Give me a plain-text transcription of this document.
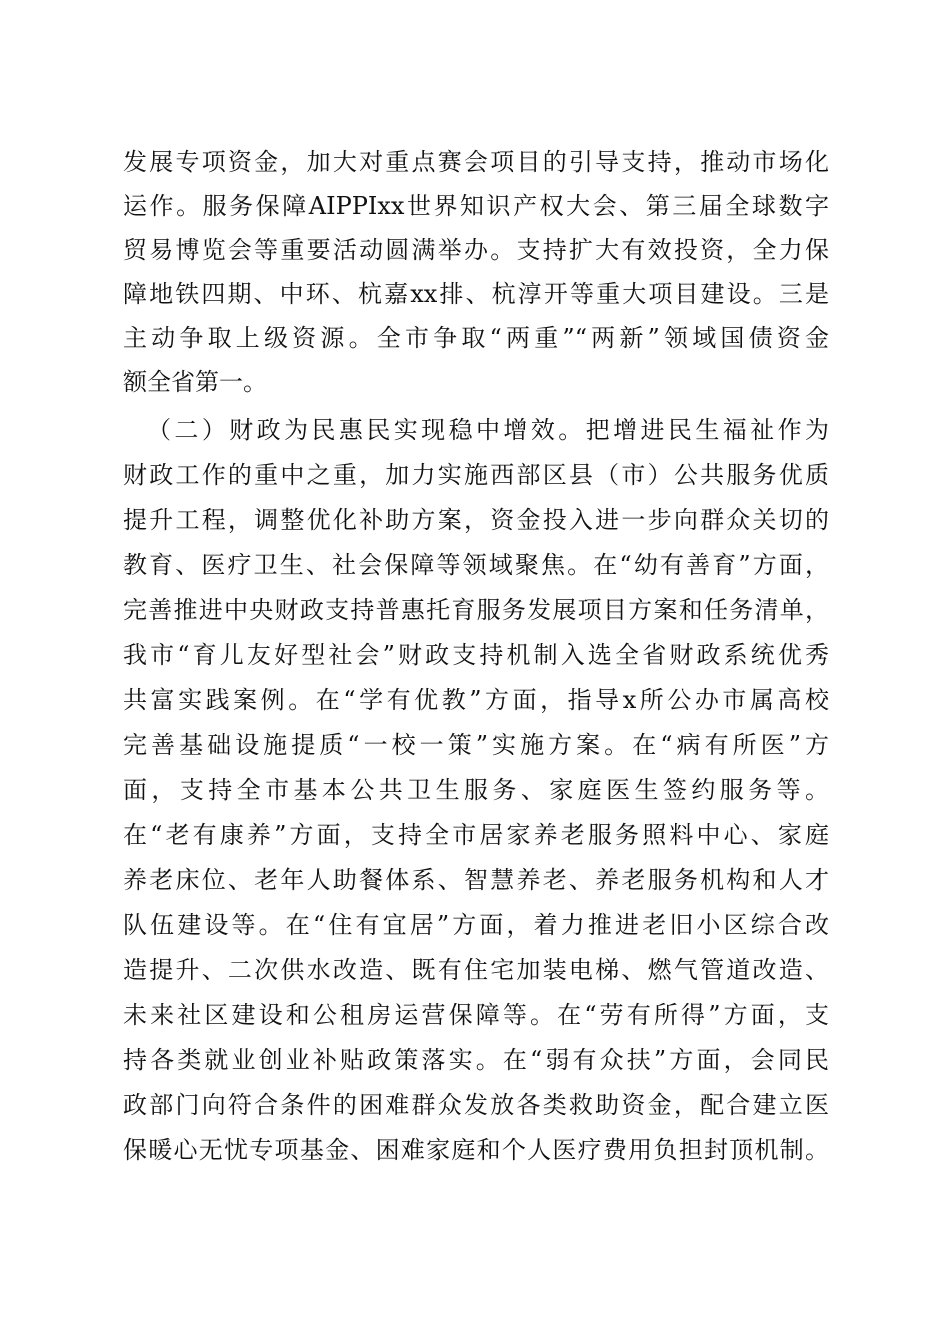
发展专项资金，加大对重点赛会项目的引导支持，推动市场化
运作。服务保障AIPPIxx世界知识产权大会、第三届全球数字
贸易博览会等重要活动圆满举办。支持扩大有效投资，全力保
障地铁四期、中环、杭嘉xx排、杭淳开等重大项目建设。三是
主动争取上级资源。全市争取“两重”“两新”领域国债资金
额全省第一。
（二）财政为民惠民实现稳中增效。把增进民生福祉作为
财政工作的重中之重，加力实施西部区县（市）公共服务优质
提升工程，调整优化补助方案，资金投入进一步向群众关切的
教育、医疗卫生、社会保障等领域聚焦。在“幼有善育”方面，
完善推进中央财政支持普惠托育服务发展项目方案和任务清单，
我市“育儿友好型社会”财政支持机制入选全省财政系统优秀
共富实践案例。在“学有优教”方面，指导x所公办市属高校
完善基础设施提质“一校一策”实施方案。在“病有所医”方
面，支持全市基本公共卫生服务、家庭医生签约服务等。
在“老有康养”方面，支持全市居家养老服务照料中心、家庭
养老床位、老年人助餐体系、智慧养老、养老服务机构和人才
队伍建设等。在“住有宜居”方面，着力推进老旧小区综合改
造提升、二次供水改造、既有住宅加装电梯、燃气管道改造、
未来社区建设和公租房运营保障等。在“劳有所得”方面，支
持各类就业创业补贴政策落实。在“弱有众扶”方面，会同民
政部门向符合条件的困难群众发放各类救助资金，配合建立医
保暖心无忧专项基金、困难家庭和个人医疗费用负担封顶机制。
